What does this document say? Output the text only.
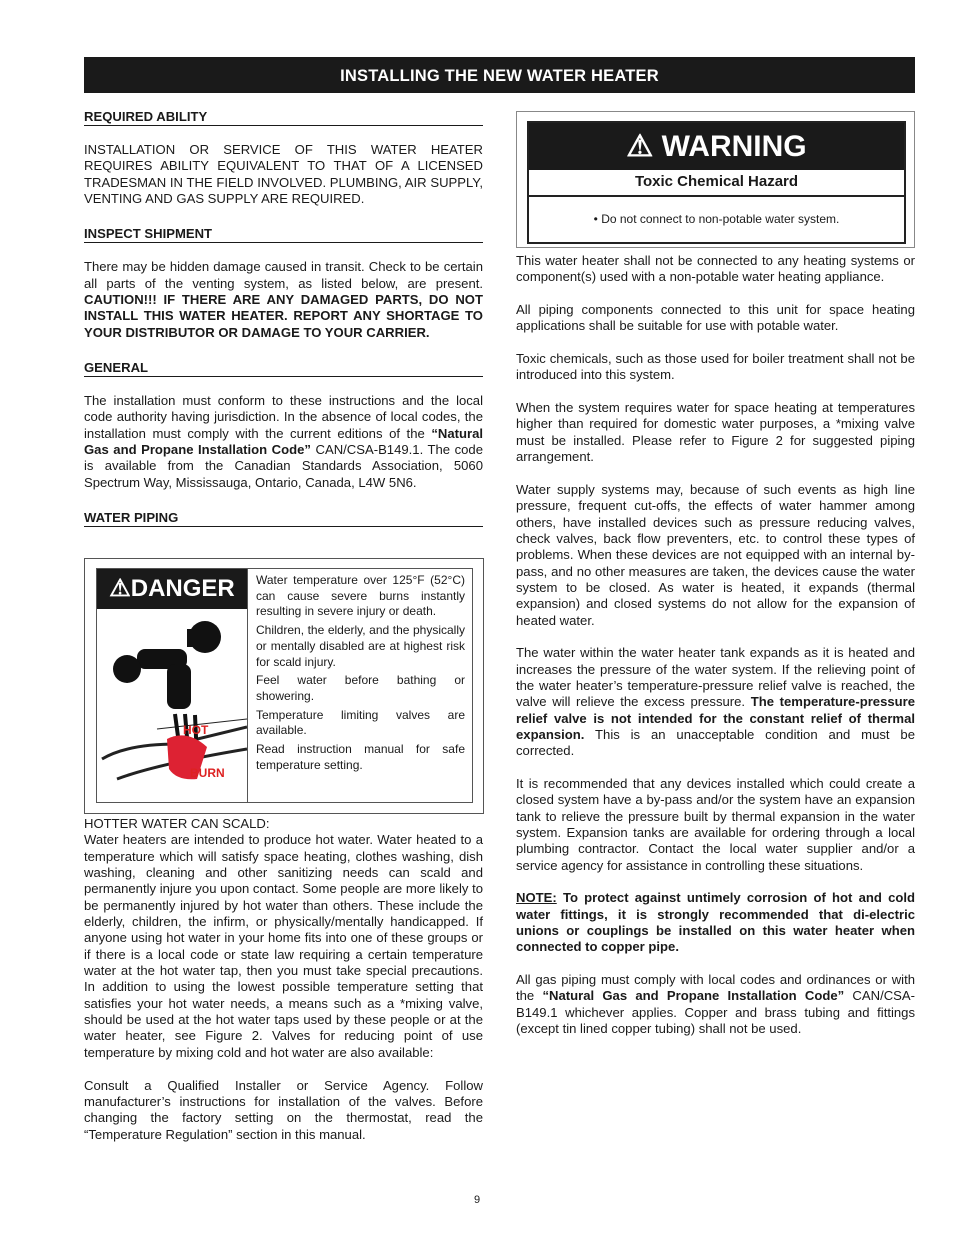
INSTALLING THE NEW WATER HEATER
REQUIRED ABILITY

INSTALLATION OR SERVICE OF THIS WATER HEATER REQUIRES ABILITY EQUIVALENT TO THAT OF A LICENSED TRADESMAN IN THE FIELD INVOLVED. PLUMBING, AIR SUPPLY, VENTING AND GAS SUPPLY ARE REQUIRED.

INSPECT SHIPMENT

There may be hidden damage caused in transit. Check to be certain all parts of the venting system, as listed below, are present. CAUTION!!! IF THERE ARE ANY DAMAGED PARTS, DO NOT INSTALL THIS WATER HEATER. REPORT ANY SHORTAGE TO YOUR DISTRIBUTOR OR DAMAGE TO YOUR CARRIER.

GENERAL

The installation must conform to these instructions and the local code authority having jurisdiction. In the absence of local codes, the installation must comply with the current editions of the “Natural Gas and Propane Installation Code” CAN/CSA-B149.1. The code is available from the Canadian Standards Association, 5060 Spectrum Way, Mississauga, Ontario, Canada, L4W 5N6.

WATER PIPING
⚠DANGER
HOT
BURN
Water temperature over 125°F (52°C) can cause severe burns instantly resulting in severe injury or death.
Children, the elderly, and the physically or mentally disabled are at highest risk for scald injury.
Feel water before bathing or showering.
Temperature limiting valves are available.
Read instruction manual for safe temperature setting.

HOTTER WATER CAN SCALD:

Water heaters are intended to produce hot water. Water heated to a temperature which will satisfy space heating, clothes washing, dish washing, cleaning and other sanitizing needs can scald and permanently injure you upon contact. Some people are more likely to be permanently injured by hot water than others. These include the elderly, children, the infirm, or physically/mentally handicapped. If anyone using hot water in your home fits into one of these groups or if there is a local code or state law requiring a certain temperature water at the hot water tap, then you must take special precautions. In addition to using the lowest possible temperature setting that satisfies your hot water needs, a means such as a *mixing valve, should be used at the hot water taps used by these people or at the water heater, see Figure 2. Valves for reducing point of use temperature by mixing cold and hot water are also available:

Consult a Qualified Installer or Service Agency. Follow manufacturer’s instructions for installation of the valves. Before changing the factory setting on the thermostat, read the “Temperature Regulation” section in this manual.

⚠ WARNING
Toxic Chemical Hazard
• Do not connect to non-potable water system.

This water heater shall not be connected to any heating systems or component(s) used with a non-potable water heating appliance.

All piping components connected to this unit for space heating applications shall be suitable for use with potable water.

Toxic chemicals, such as those used for boiler treatment shall not be introduced into this system.

When the system requires water for space heating at temperatures higher than required for domestic water purposes, a *mixing valve must be installed. Please refer to Figure 2 for suggested piping arrangement.

Water supply systems may, because of such events as high line pressure, frequent cut-offs, the effects of water hammer among others, have installed devices such as pressure reducing valves, check valves, back flow preventers, etc. to control these types of problems. When these devices are not equipped with an internal by-pass, and no other measures are taken, the devices cause the water system to be closed. As water is heated, it expands (thermal expansion) and closed systems do not allow for the expansion of heated water.

The water within the water heater tank expands as it is heated and increases the pressure of the water system. If the relieving point of the water heater’s temperature-pressure relief valve is reached, the valve will relieve the excess pressure. The temperature-pressure relief valve is not intended for the constant relief of thermal expansion. This is an unacceptable condition and must be corrected.

It is recommended that any devices installed which could create a closed system have a by-pass and/or the system have an expansion tank to relieve the pressure built by thermal expansion in the water system. Expansion tanks are available for ordering through a local plumbing contractor. Contact the local water supplier and/or a service agency for assistance in controlling these situations.

NOTE: To protect against untimely corrosion of hot and cold water fittings, it is strongly recommended that di-electric unions or couplings be installed on this water heater when connected to copper pipe.

All gas piping must comply with local codes and ordinances or with the “Natural Gas and Propane Installation Code” CAN/CSA-B149.1 whichever applies. Copper and brass tubing and fittings (except tin lined copper tubing) shall not be used.

9
